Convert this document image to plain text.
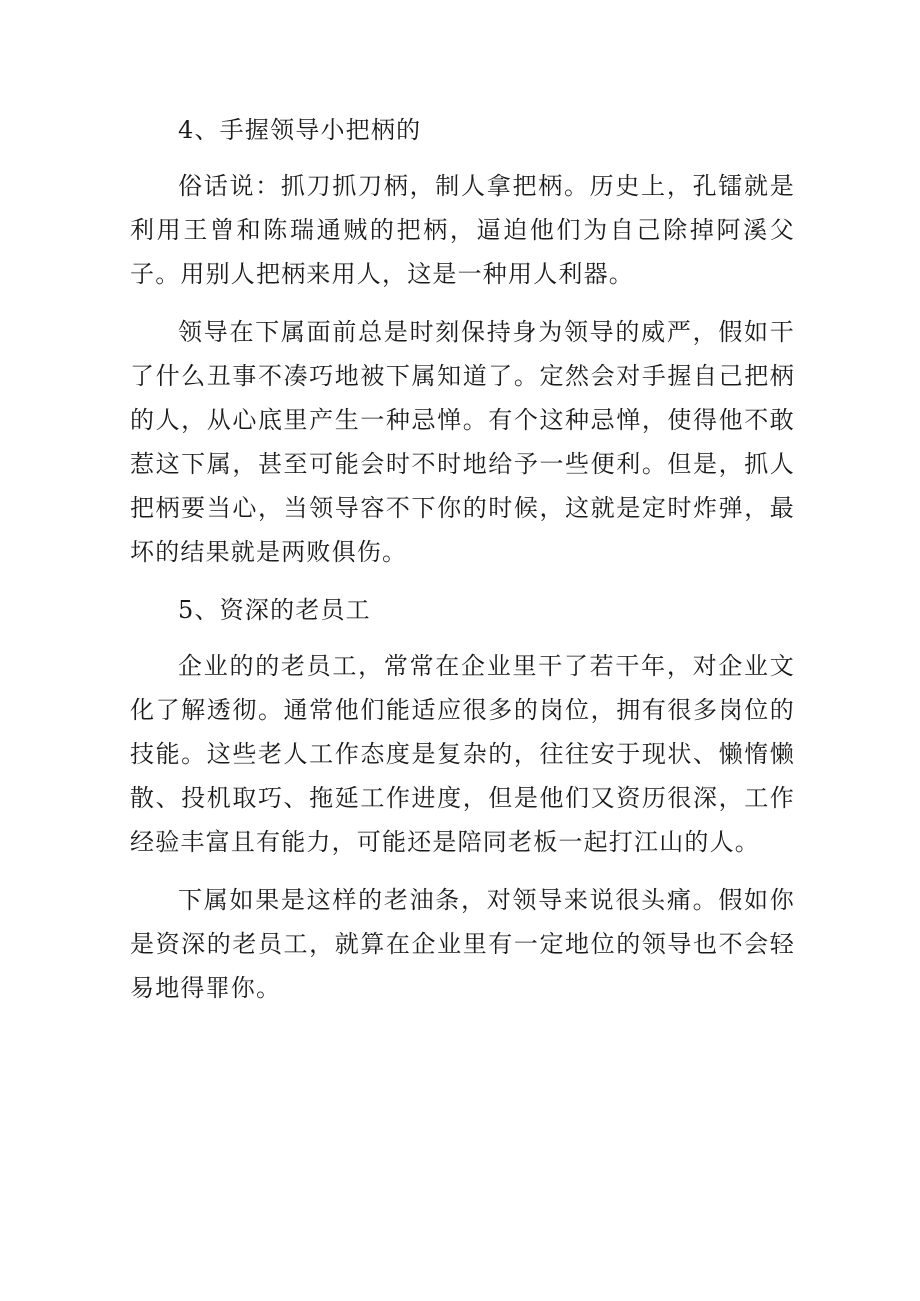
4、手握领导小把柄的

俗话说：抓刀抓刀柄，制人拿把柄。历史上，孔镭就是利用王曾和陈瑞通贼的把柄，逼迫他们为自己除掉阿溪父子。用别人把柄来用人，这是一种用人利器。

领导在下属面前总是时刻保持身为领导的威严，假如干了什么丑事不凑巧地被下属知道了。定然会对手握自己把柄的人，从心底里产生一种忌惮。有个这种忌惮，使得他不敢惹这下属，甚至可能会时不时地给予一些便利。但是，抓人把柄要当心，当领导容不下你的时候，这就是定时炸弹，最坏的结果就是两败俱伤。

5、资深的老员工

企业的的老员工，常常在企业里干了若干年，对企业文化了解透彻。通常他们能适应很多的岗位，拥有很多岗位的技能。这些老人工作态度是复杂的，往往安于现状、懒惰懒散、投机取巧、拖延工作进度，但是他们又资历很深，工作经验丰富且有能力，可能还是陪同老板一起打江山的人。

下属如果是这样的老油条，对领导来说很头痛。假如你是资深的老员工，就算在企业里有一定地位的领导也不会轻易地得罪你。
